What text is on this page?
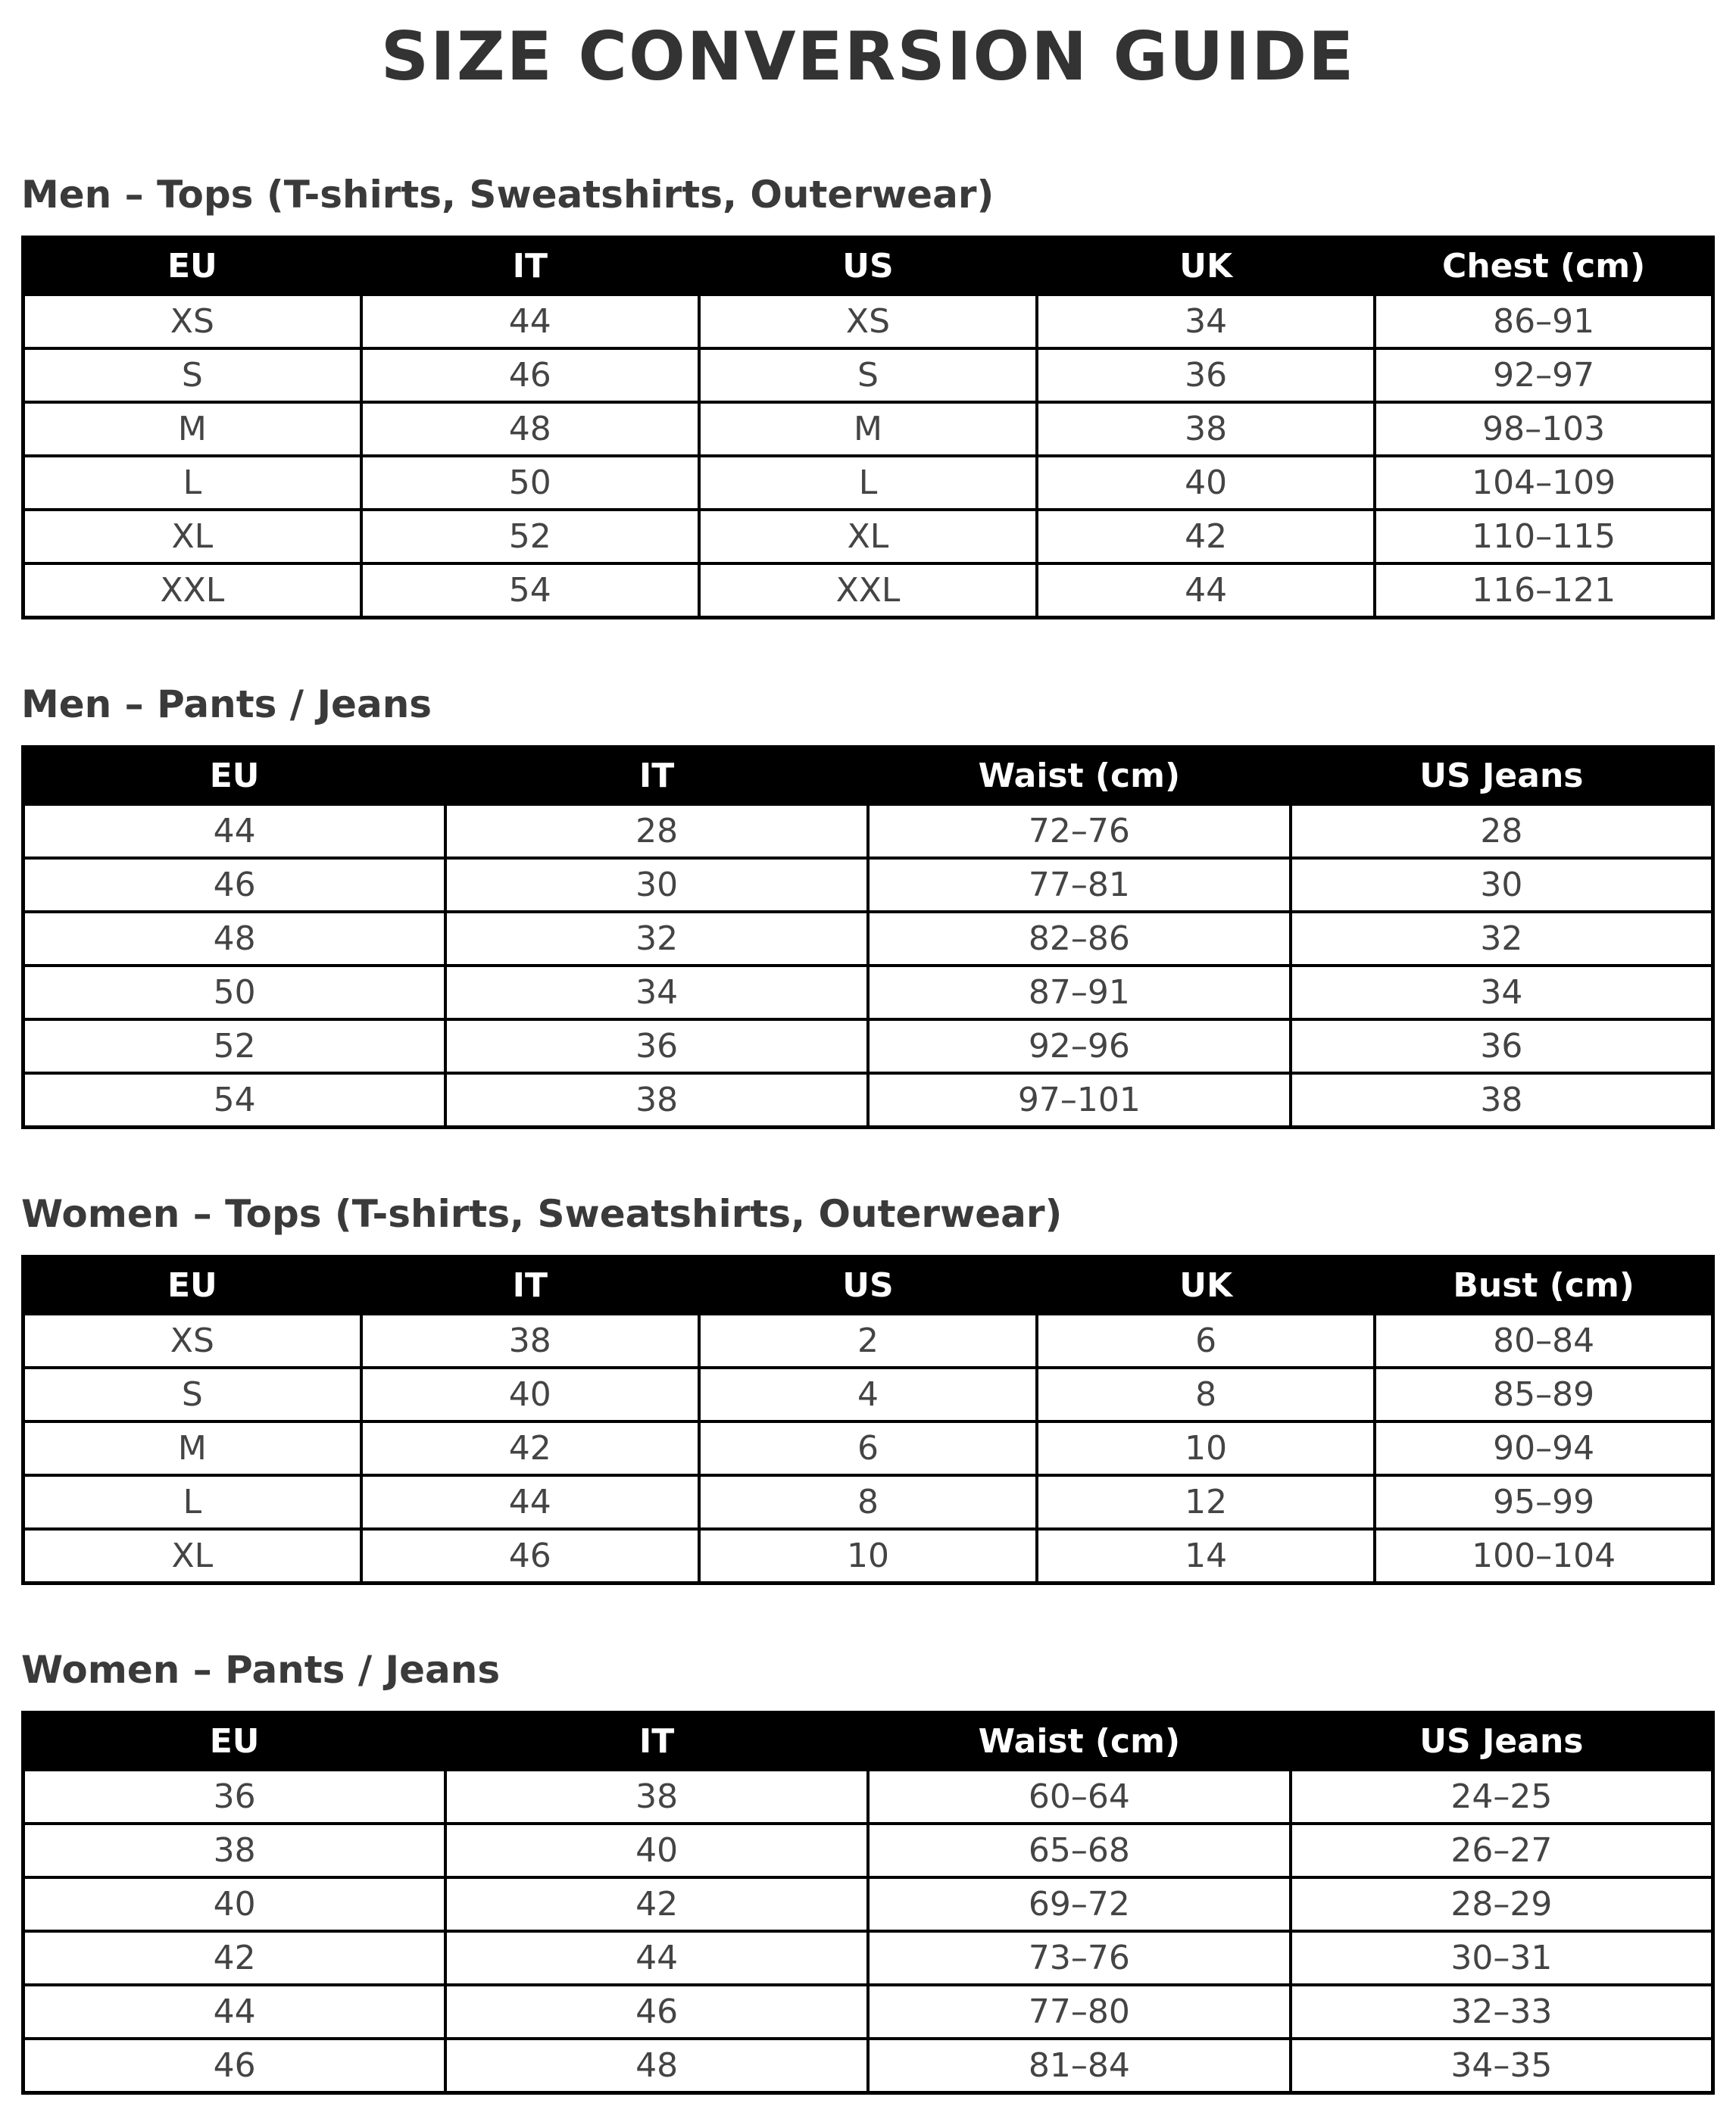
SIZE CONVERSION GUIDE
Men – Tops (T-shirts, Sweatshirts, Outerwear)
EU	IT	US	UK	Chest (cm)
XS	44	XS	34	86–91
S	46	S	36	92–97
M	48	M	38	98–103
L	50	L	40	104–109
XL	52	XL	42	110–115
XXL	54	XXL	44	116–121
Men – Pants / Jeans
EU	IT	Waist (cm)	US Jeans
44	28	72–76	28
46	30	77–81	30
48	32	82–86	32
50	34	87–91	34
52	36	92–96	36
54	38	97–101	38
Women – Tops (T-shirts, Sweatshirts, Outerwear)
EU	IT	US	UK	Bust (cm)
XS	38	2	6	80–84
S	40	4	8	85–89
M	42	6	10	90–94
L	44	8	12	95–99
XL	46	10	14	100–104
Women – Pants / Jeans
EU	IT	Waist (cm)	US Jeans
36	38	60–64	24–25
38	40	65–68	26–27
40	42	69–72	28–29
42	44	73–76	30–31
44	46	77–80	32–33
46	48	81–84	34–35
